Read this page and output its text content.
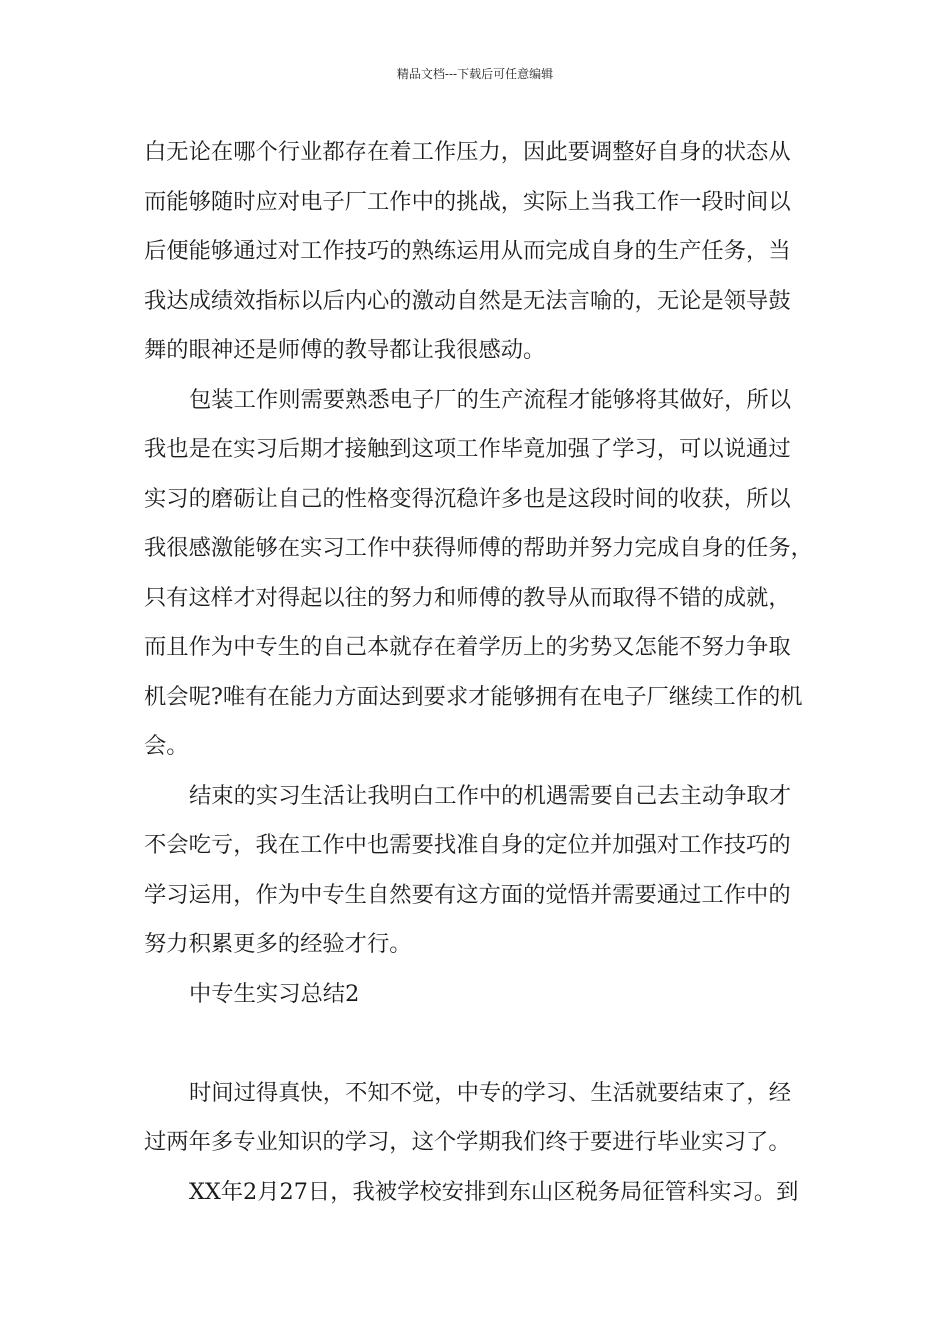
精品文档---下载后可任意编辑
白无论在哪个行业都存在着工作压力，因此要调整好自身的状态从
而能够随时应对电子厂工作中的挑战，实际上当我工作一段时间以
后便能够通过对工作技巧的熟练运用从而完成自身的生产任务，当
我达成绩效指标以后内心的激动自然是无法言喻的，无论是领导鼓
舞的眼神还是师傅的教导都让我很感动。
包装工作则需要熟悉电子厂的生产流程才能够将其做好，所以
我也是在实习后期才接触到这项工作毕竟加强了学习，可以说通过
实习的磨砺让自己的性格变得沉稳许多也是这段时间的收获，所以
我很感激能够在实习工作中获得师傅的帮助并努力完成自身的任务，
只有这样才对得起以往的努力和师傅的教导从而取得不错的成就，
而且作为中专生的自己本就存在着学历上的劣势又怎能不努力争取
机会呢?唯有在能力方面达到要求才能够拥有在电子厂继续工作的机
会。
结束的实习生活让我明白工作中的机遇需要自己去主动争取才
不会吃亏，我在工作中也需要找准自身的定位并加强对工作技巧的
学习运用，作为中专生自然要有这方面的觉悟并需要通过工作中的
努力积累更多的经验才行。
中专生实习总结2
时间过得真快，不知不觉，中专的学习、生活就要结束了，经
过两年多专业知识的学习，这个学期我们终于要进行毕业实习了。
XX年2月27日，我被学校安排到东山区税务局征管科实习。到
